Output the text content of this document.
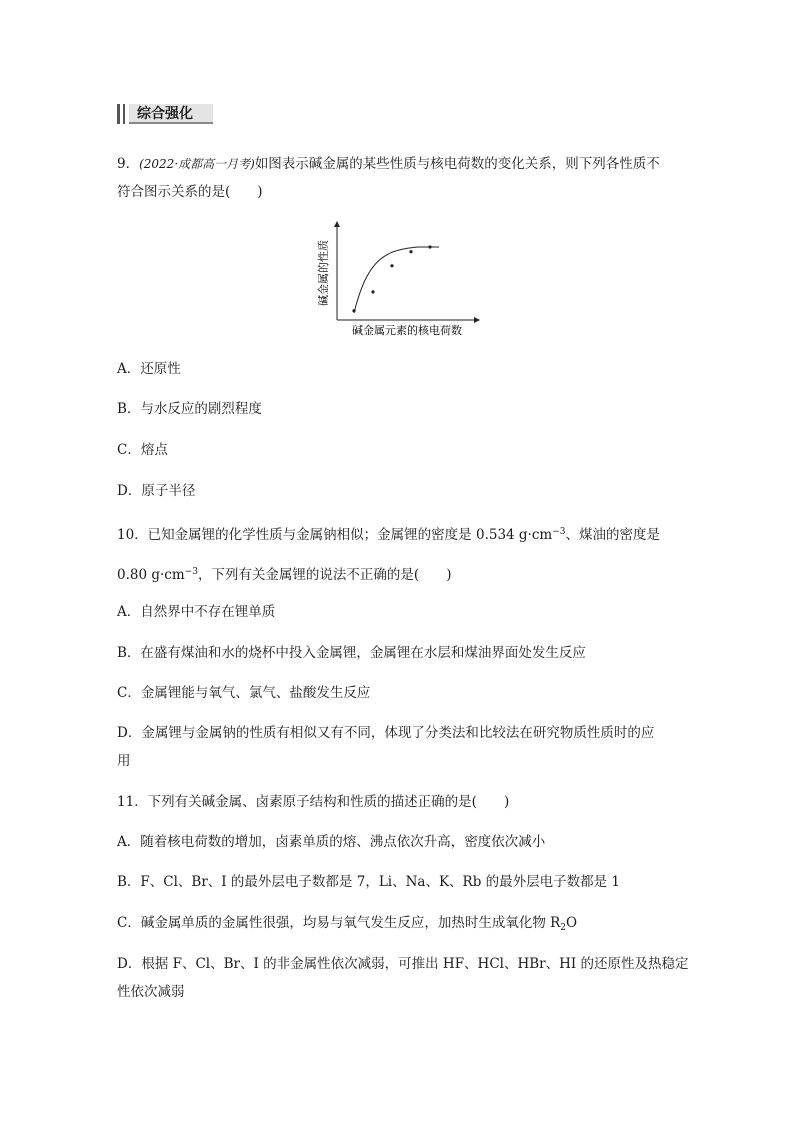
综合强化
9．(2022·成都高一月考)如图表示碱金属的某些性质与核电荷数的变化关系，则下列各性质不
符合图示关系的是(　　)
碱金属的性质
碱金属元素的核电荷数
A．还原性
B．与水反应的剧烈程度
C．熔点
D．原子半径
10．已知金属锂的化学性质与金属钠相似；金属锂的密度是 0.534 $g\cdot cm^{-3}$、煤油的密度是
0.80 $g\cdot cm^{-3}$，下列有关金属锂的说法不正确的是(　　)
A．自然界中不存在锂单质
B．在盛有煤油和水的烧杯中投入金属锂，金属锂在水层和煤油界面处发生反应
C．金属锂能与氧气、氯气、盐酸发生反应
D．金属锂与金属钠的性质有相似又有不同，体现了分类法和比较法在研究物质性质时的应
用
11．下列有关碱金属、卤素原子结构和性质的描述正确的是(　　)
A．随着核电荷数的增加，卤素单质的熔、沸点依次升高，密度依次减小
B．F、Cl、Br、I 的最外层电子数都是 7，Li、Na、K、Rb 的最外层电子数都是 1
C．碱金属单质的金属性很强，均易与氧气发生反应，加热时生成氧化物 $R_2O$
D．根据 F、Cl、Br、I 的非金属性依次减弱，可推出 HF、HCl、HBr、HI 的还原性及热稳定
性依次减弱
